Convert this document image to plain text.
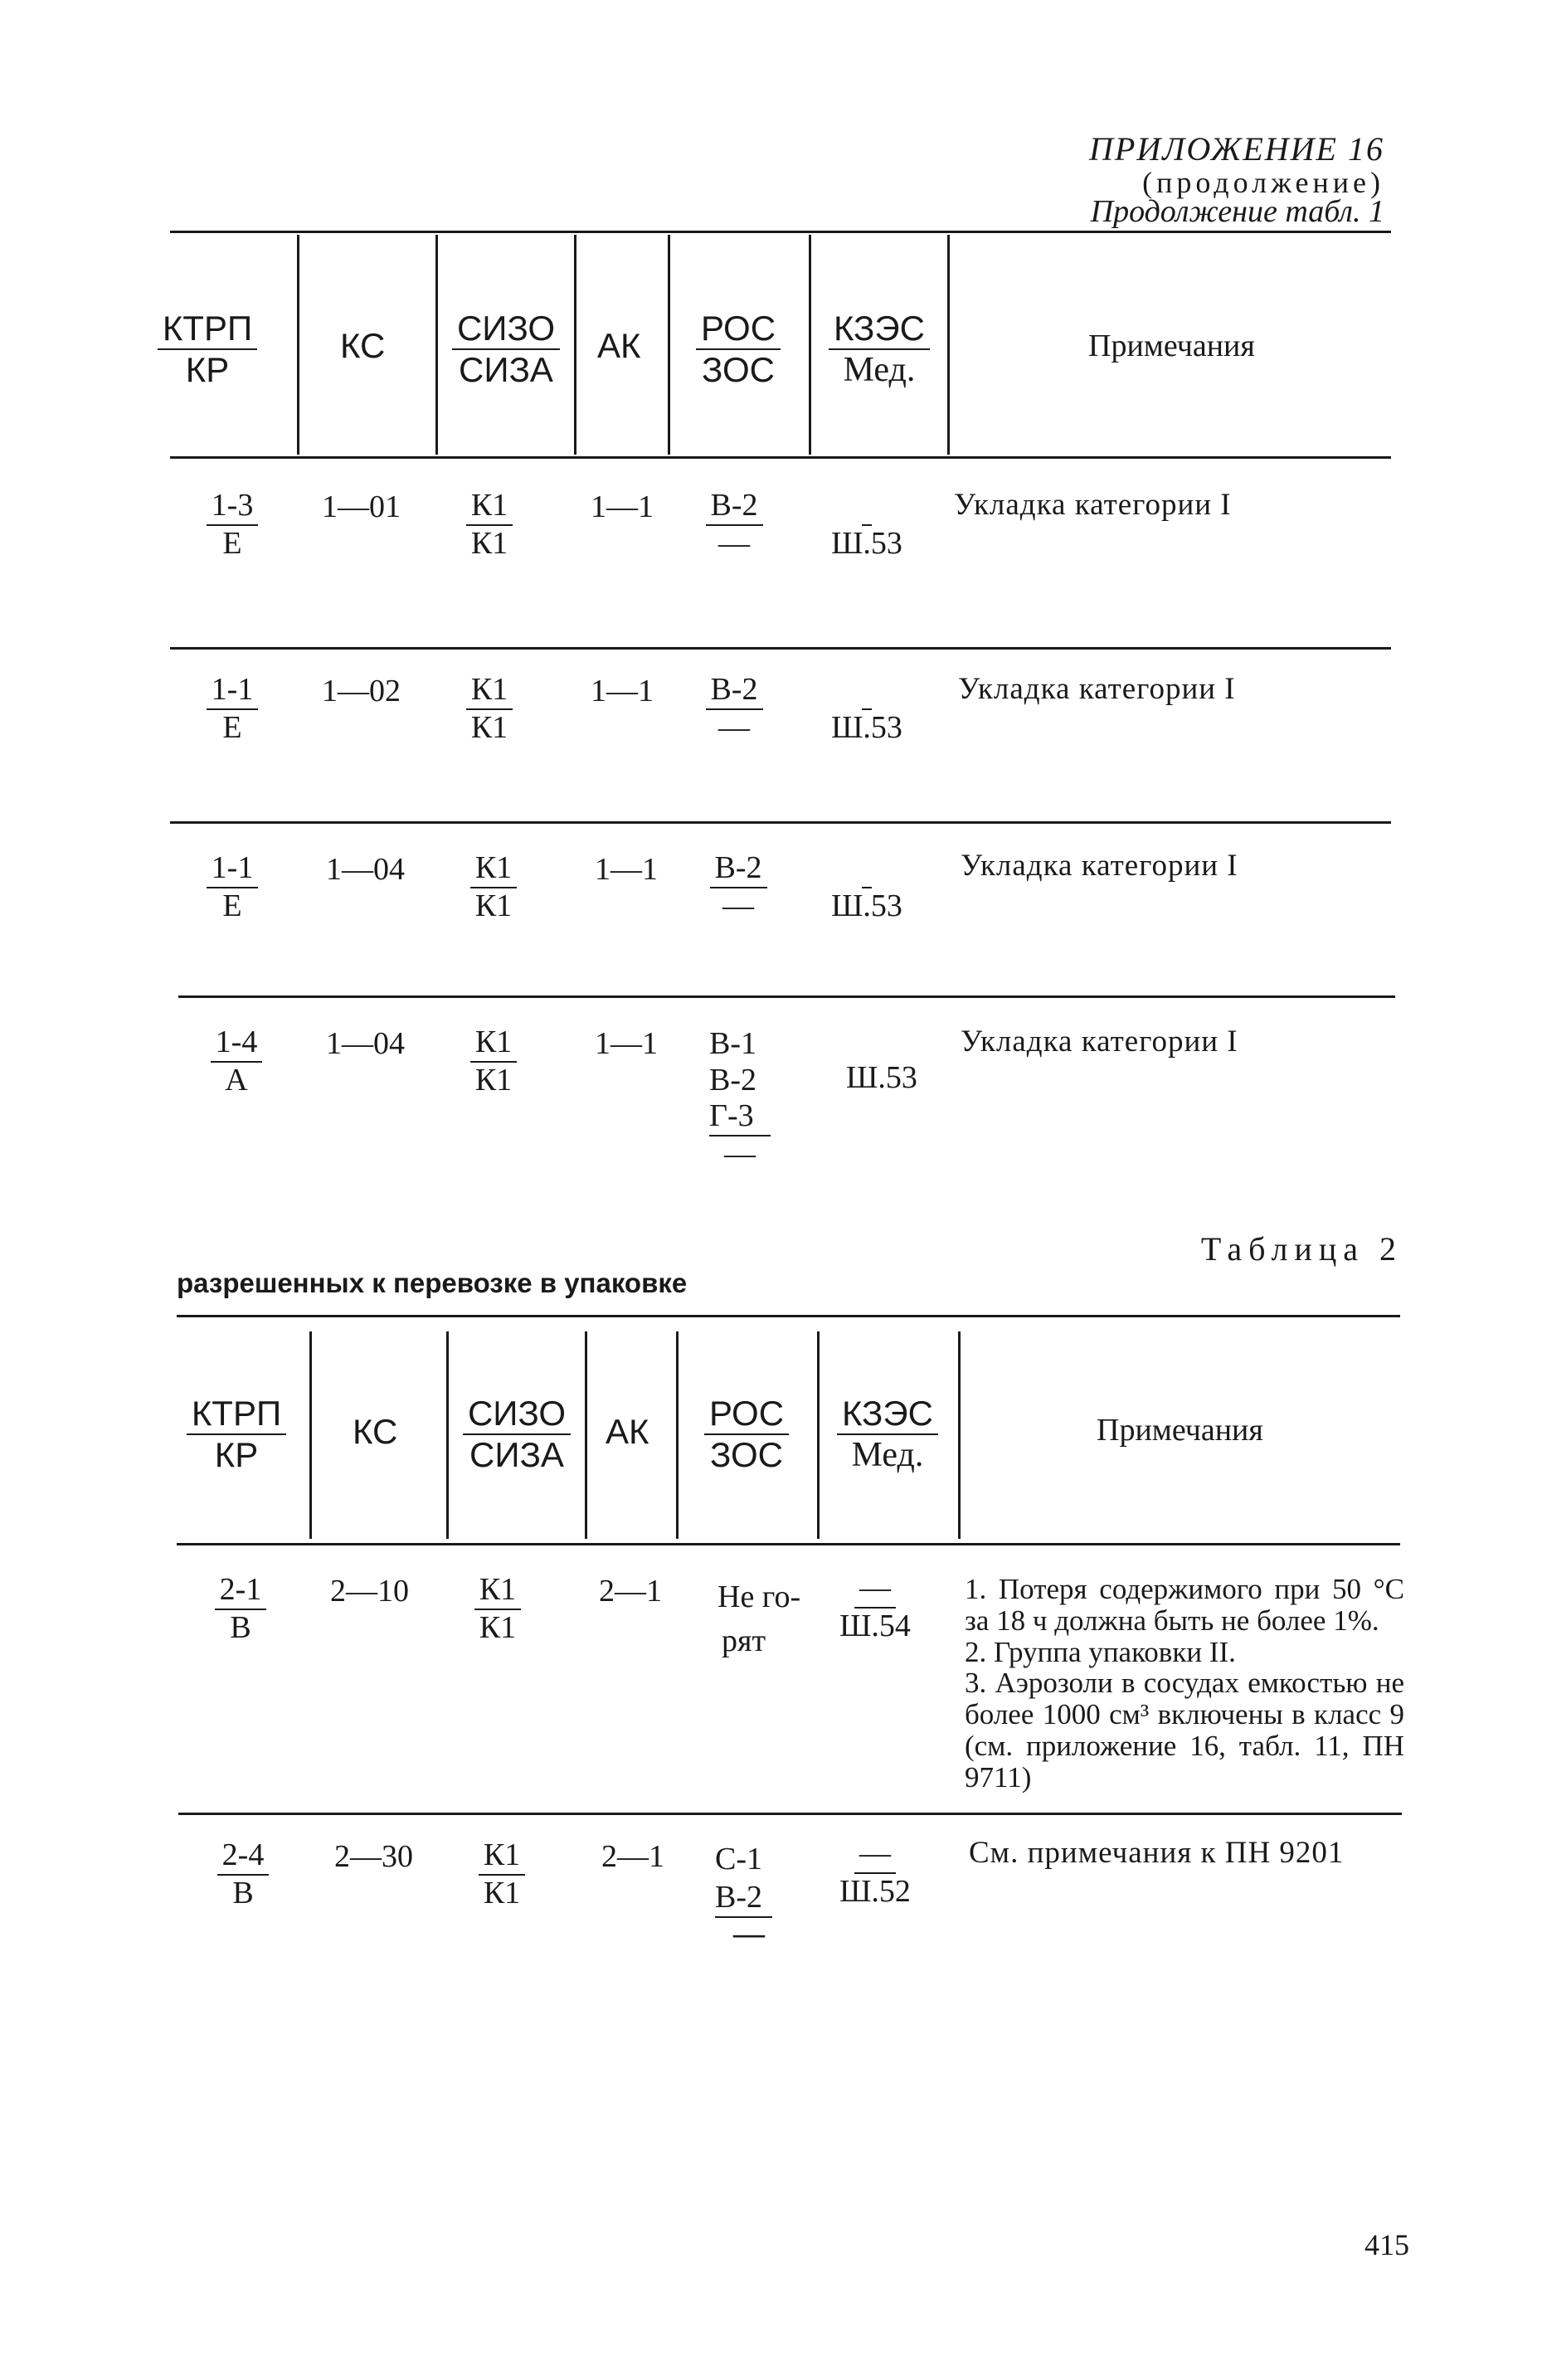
ПРИЛОЖЕНИЕ 16
(продолжение)
Продолжение табл. 1
КТРП
КР
КС СИЗО
СИЗА
АК РОС
ЗОС
КЗЭС
Мед.
Примечания
1-3
Е
1—01 К1
К1
1—1 В-2
—	Ш.53
Укладка категории I
1-1
Е
1—02 К1
К1
1—1 В-2
—	Ш.53
Укладка категории I
1-1
Е
1—04 К1
К1
1—1 В-2
— Ш.53
Укладка категории I
1-4
А
1—04 К1
К1
1—1 В-1
В-2
Г-3
—
Ш.53
Укладка категории I
Таблица 2
разрешенных к перевозке в упаковке
КТРП
КР
КС СИЗО
СИЗА
АК РОС
ЗОС
КЗЭС
Мед.
Примечания
2-1
В
2—10 К1
К1
2—1 Не го-
рят
—
Ш.54

1. Потеря содержимого при 50 °С за 18 ч должна быть не более 1%.

2. Группа упаковки II.

3. Аэрозоли в сосудах емкостью не более 1000 см³ включены в класс 9 (см. приложение 16, табл. 11, ПН 9711)

2-4
В
2—30 К1
К1
2—1 С-1
В-2
—
—
Ш.52
См. примечания к ПН 9201
415
